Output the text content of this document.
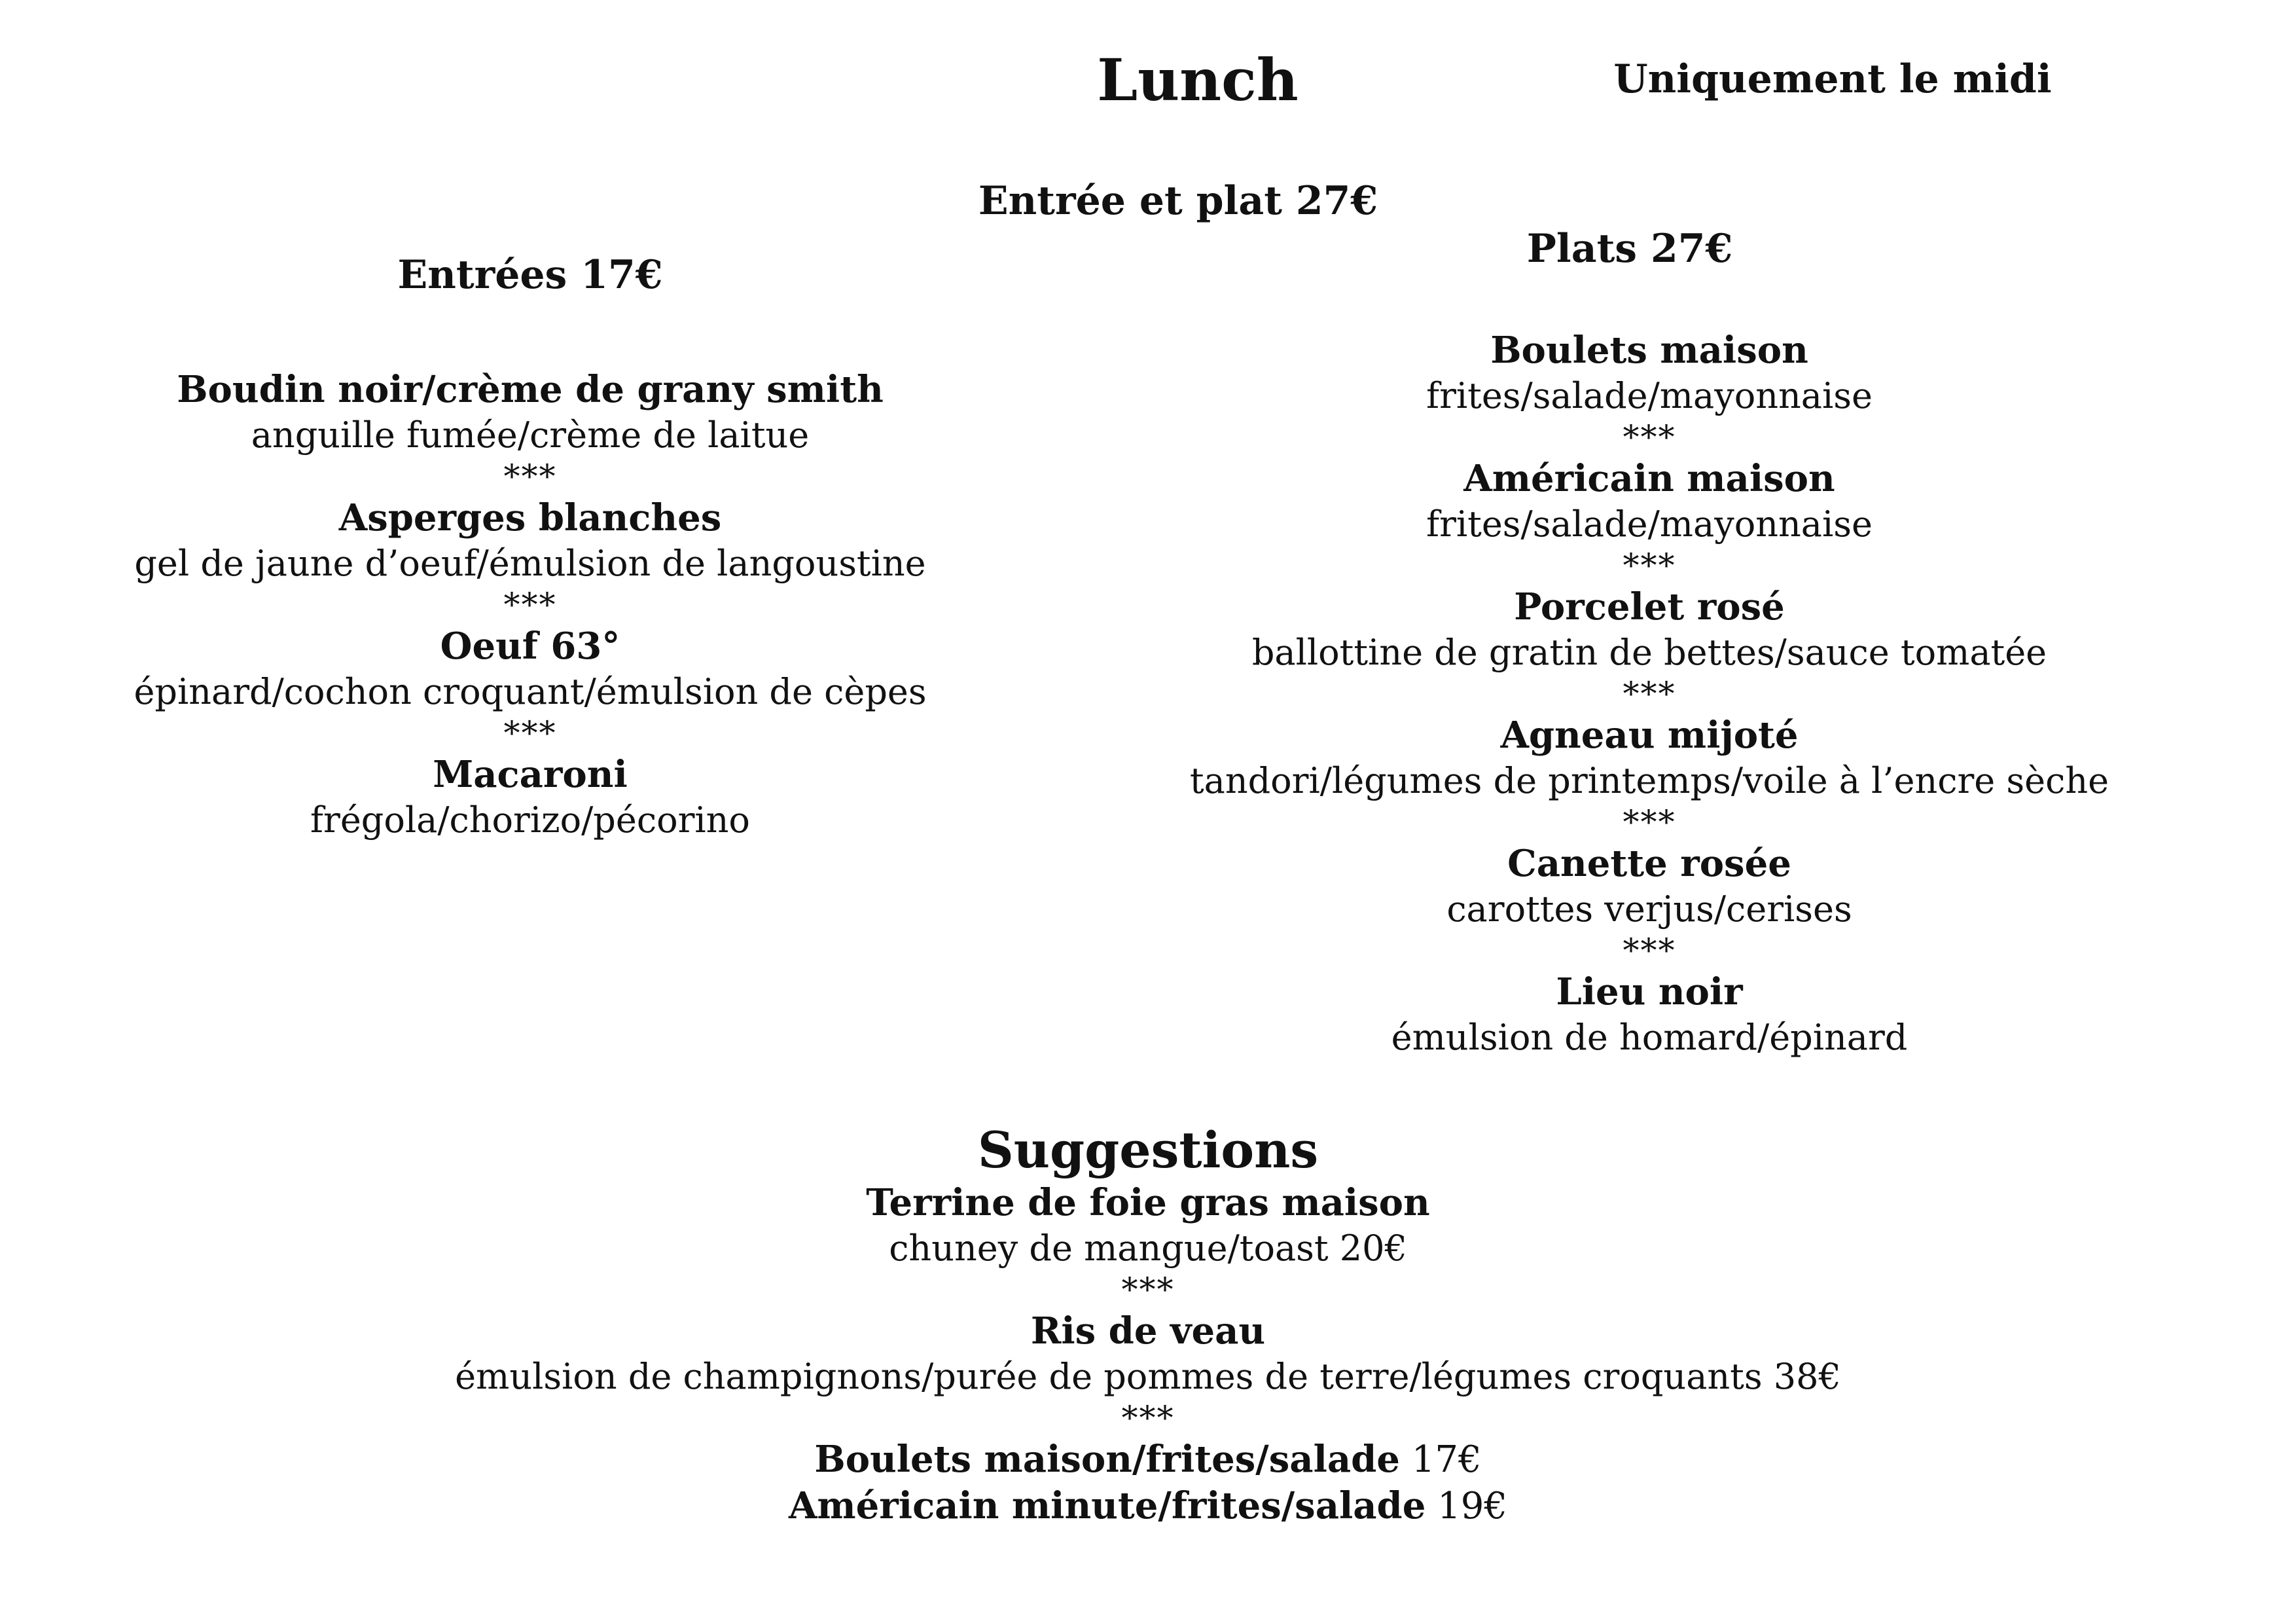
Lunch	Uniquement le midi
Entrée et plat 27€
Entrées 17€
Boudin noir/crème de grany smith
anguille fumée/crème de laitue
***
Asperges blanches
gel de jaune d’oeuf/émulsion de langoustine
***
Oeuf 63°
épinard/cochon croquant/émulsion de cèpes
***
Macaroni
frégola/chorizo/pécorino
Plats 27€
Boulets maison
frites/salade/mayonnaise
***
Américain maison
frites/salade/mayonnaise
***
Porcelet rosé
ballottine de gratin de bettes/sauce tomatée
***
Agneau mijoté
tandori/légumes de printemps/voile à l’encre sèche
***
Canette rosée
carottes verjus/cerises
***
Lieu noir
émulsion de homard/épinard
Suggestions
Terrine de foie gras maison
chuney de mangue/toast 20€
***
Ris de veau
émulsion de champignons/purée de pommes de terre/légumes croquants 38€
***
Boulets maison/frites/salade 17€
Américain minute/frites/salade 19€
